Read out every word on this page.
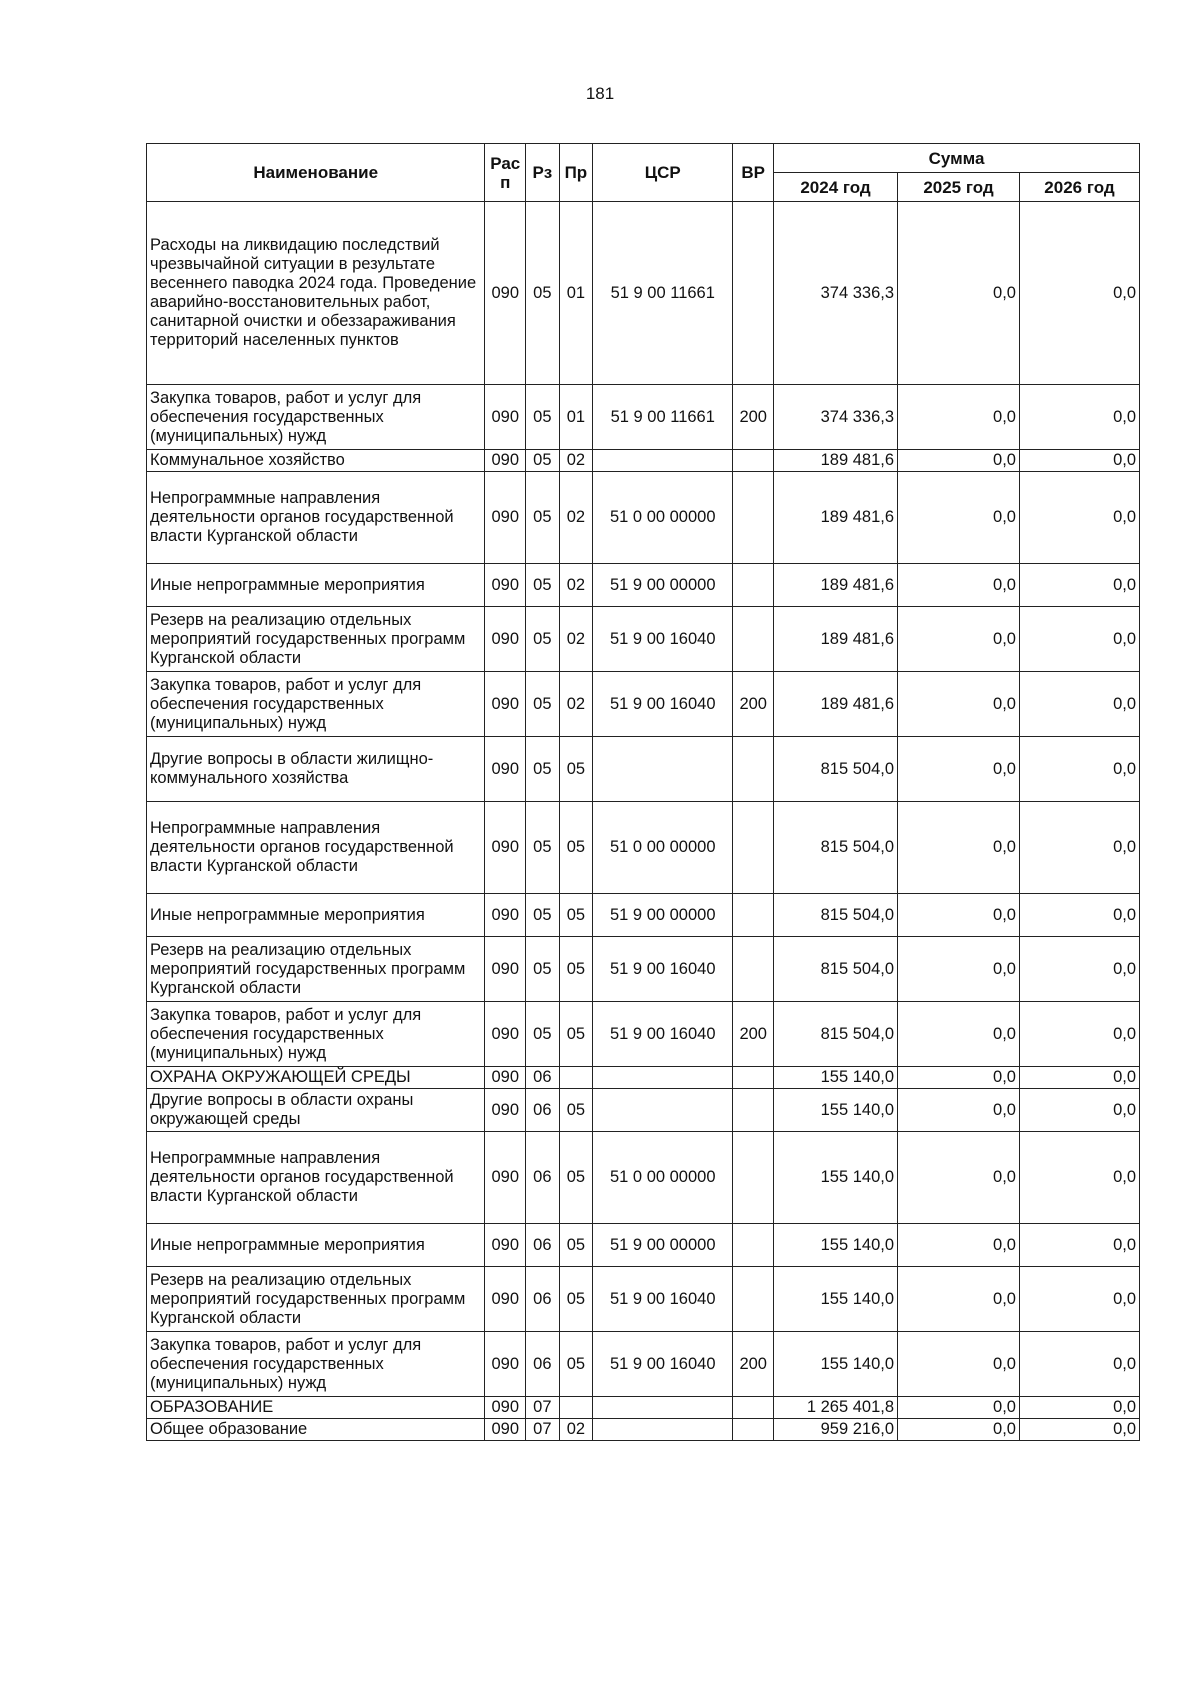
181
Наименование	Рас п	Рз	Пр	ЦСР	ВР	Сумма		
						2024 год	2025 год	2026 год
Расходы на ликвидацию последствий чрезвычайной ситуации в результате весеннего паводка 2024 года. Проведение аварийно-восстановительных работ, санитарной очистки и обеззараживания территорий населенных пунктов	090	05	01	51 9 00 11661		374 336,3	0,0	0,0
Закупка товаров, работ и услуг для обеспечения государственных (муниципальных) нужд	090	05	01	51 9 00 11661	200	374 336,3	0,0	0,0
Коммунальное хозяйство	090	05	02			189 481,6	0,0	0,0
Непрограммные направления деятельности органов государственной власти Курганской области	090	05	02	51 0 00 00000		189 481,6	0,0	0,0
Иные непрограммные мероприятия	090	05	02	51 9 00 00000		189 481,6	0,0	0,0
Резерв на реализацию отдельных мероприятий государственных программ Курганской области	090	05	02	51 9 00 16040		189 481,6	0,0	0,0
Закупка товаров, работ и услуг для обеспечения государственных (муниципальных) нужд	090	05	02	51 9 00 16040	200	189 481,6	0,0	0,0
Другие вопросы в области жилищно-коммунального хозяйства	090	05	05			815 504,0	0,0	0,0
Непрограммные направления деятельности органов государственной власти Курганской области	090	05	05	51 0 00 00000		815 504,0	0,0	0,0
Иные непрограммные мероприятия	090	05	05	51 9 00 00000		815 504,0	0,0	0,0
Резерв на реализацию отдельных мероприятий государственных программ Курганской области	090	05	05	51 9 00 16040		815 504,0	0,0	0,0
Закупка товаров, работ и услуг для обеспечения государственных (муниципальных) нужд	090	05	05	51 9 00 16040	200	815 504,0	0,0	0,0
ОХРАНА ОКРУЖАЮЩЕЙ СРЕДЫ	090	06				155 140,0	0,0	0,0
Другие вопросы в области охраны окружающей среды	090	06	05			155 140,0	0,0	0,0
Непрограммные направления деятельности органов государственной власти Курганской области	090	06	05	51 0 00 00000		155 140,0	0,0	0,0
Иные непрограммные мероприятия	090	06	05	51 9 00 00000		155 140,0	0,0	0,0
Резерв на реализацию отдельных мероприятий государственных программ Курганской области	090	06	05	51 9 00 16040		155 140,0	0,0	0,0
Закупка товаров, работ и услуг для обеспечения государственных (муниципальных) нужд	090	06	05	51 9 00 16040	200	155 140,0	0,0	0,0
ОБРАЗОВАНИЕ	090	07				1 265 401,8	0,0	0,0
Общее образование	090	07	02			959 216,0	0,0	0,0
